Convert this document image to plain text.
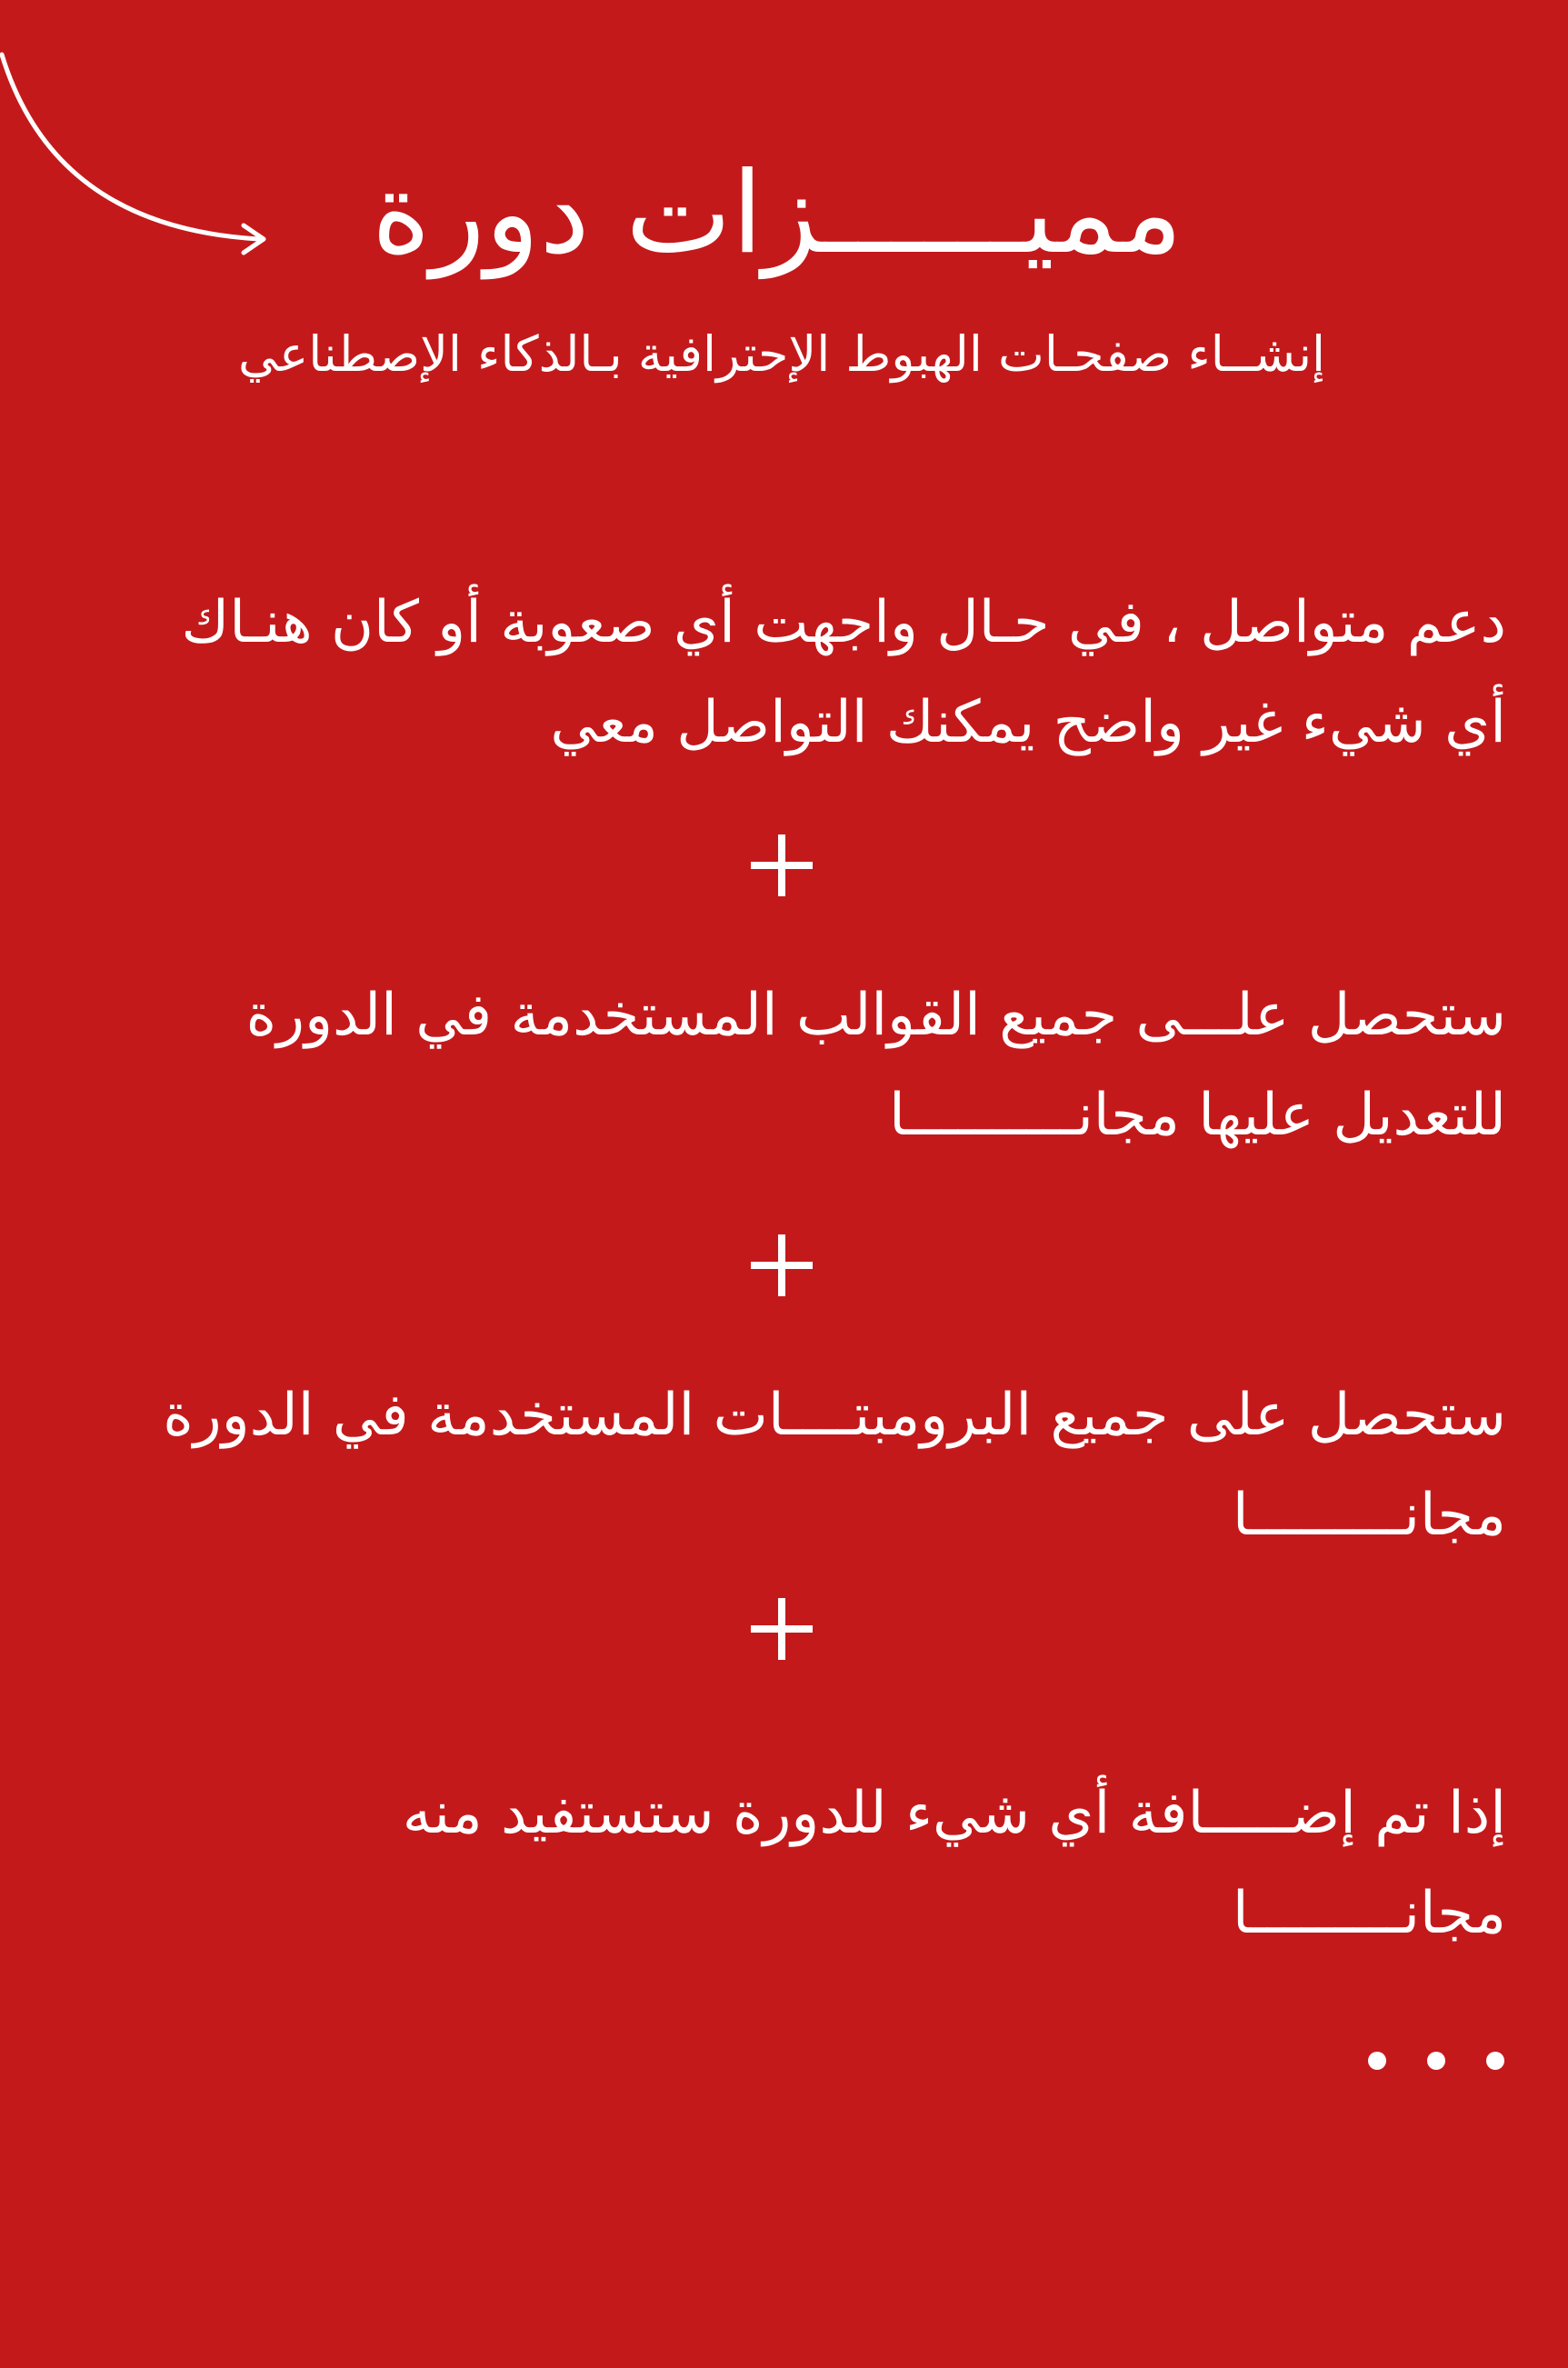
مميــــــزات دورة
إنشــاء صفحـات الهبوط الإحترافية بـالذكاء الإصطناعي
دعم متواصل ، في حـال واجهت أي صعوبة أو كان هنـاك
أي شيء غير واضح يمكنك التواصل معي
ستحصل علـــى جميع القوالب المستخدمة في الدورة
للتعديل عليها مجانــــــــــا
ستحصل على جميع البرومبتــــات المستخدمة في الدورة
مجانـــــــــا
إذا تم إضـــــافة أي شيء للدورة ستستفيد منه
مجانـــــــــا
